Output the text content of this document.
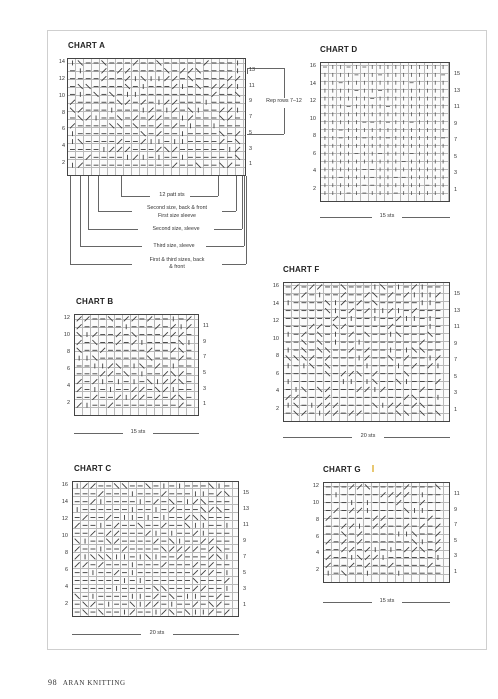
CHART A
Rep rows 7–12
12 patt sts
Second size, back & front
First size sleeve
Second size, sleeve
Third size, sleeve
First & third sizes, back
& front
CHART D
15 sts
CHART F
20 sts
CHART B
15 sts
CHART C
20 sts
CHART G
15 sts
98 ARAN KNITTING
14
12
10
8
6
4
2
13
11
9
7
5
3
1
16
14
12
10
8
6
4
2
15
13
11
9
7
5
3
1
16
14
12
10
8
6
4
2
15
13
11
9
7
5
3
1
12
10
8
6
4
2
11
9
7
5
3
1
16
14
12
10
8
6
4
2
15
13
11
9
7
5
3
1
12
10
8
6
4
2
11
9
7
5
3
1
